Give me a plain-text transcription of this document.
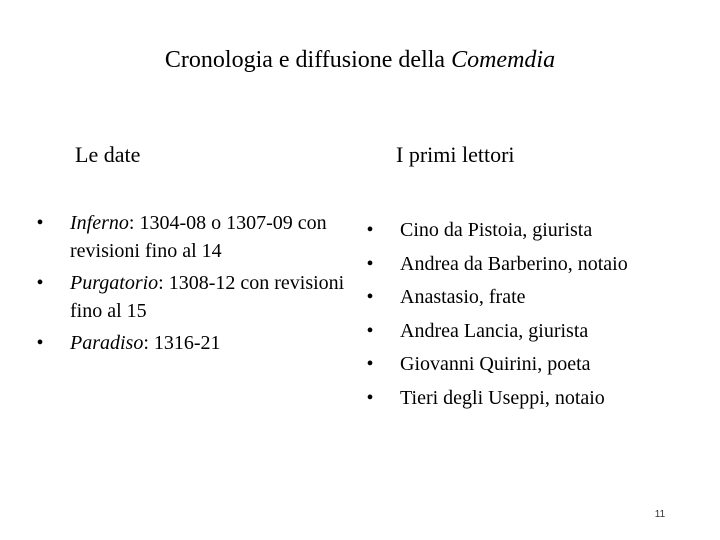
Cronologia e diffusione della Comemdia
Le date	I primi lettori
•	Inferno: 1304-08 o 1307-09 con revisioni fino al 14
•	Purgatorio: 1308-12 con revisioni fino al 15
•	Paradiso: 1316-21
•	Cino da Pistoia, giurista
•	Andrea da Barberino, notaio
•	Anastasio, frate
•	Andrea Lancia, giurista
•	Giovanni Quirini, poeta
•	Tieri degli Useppi, notaio
11
